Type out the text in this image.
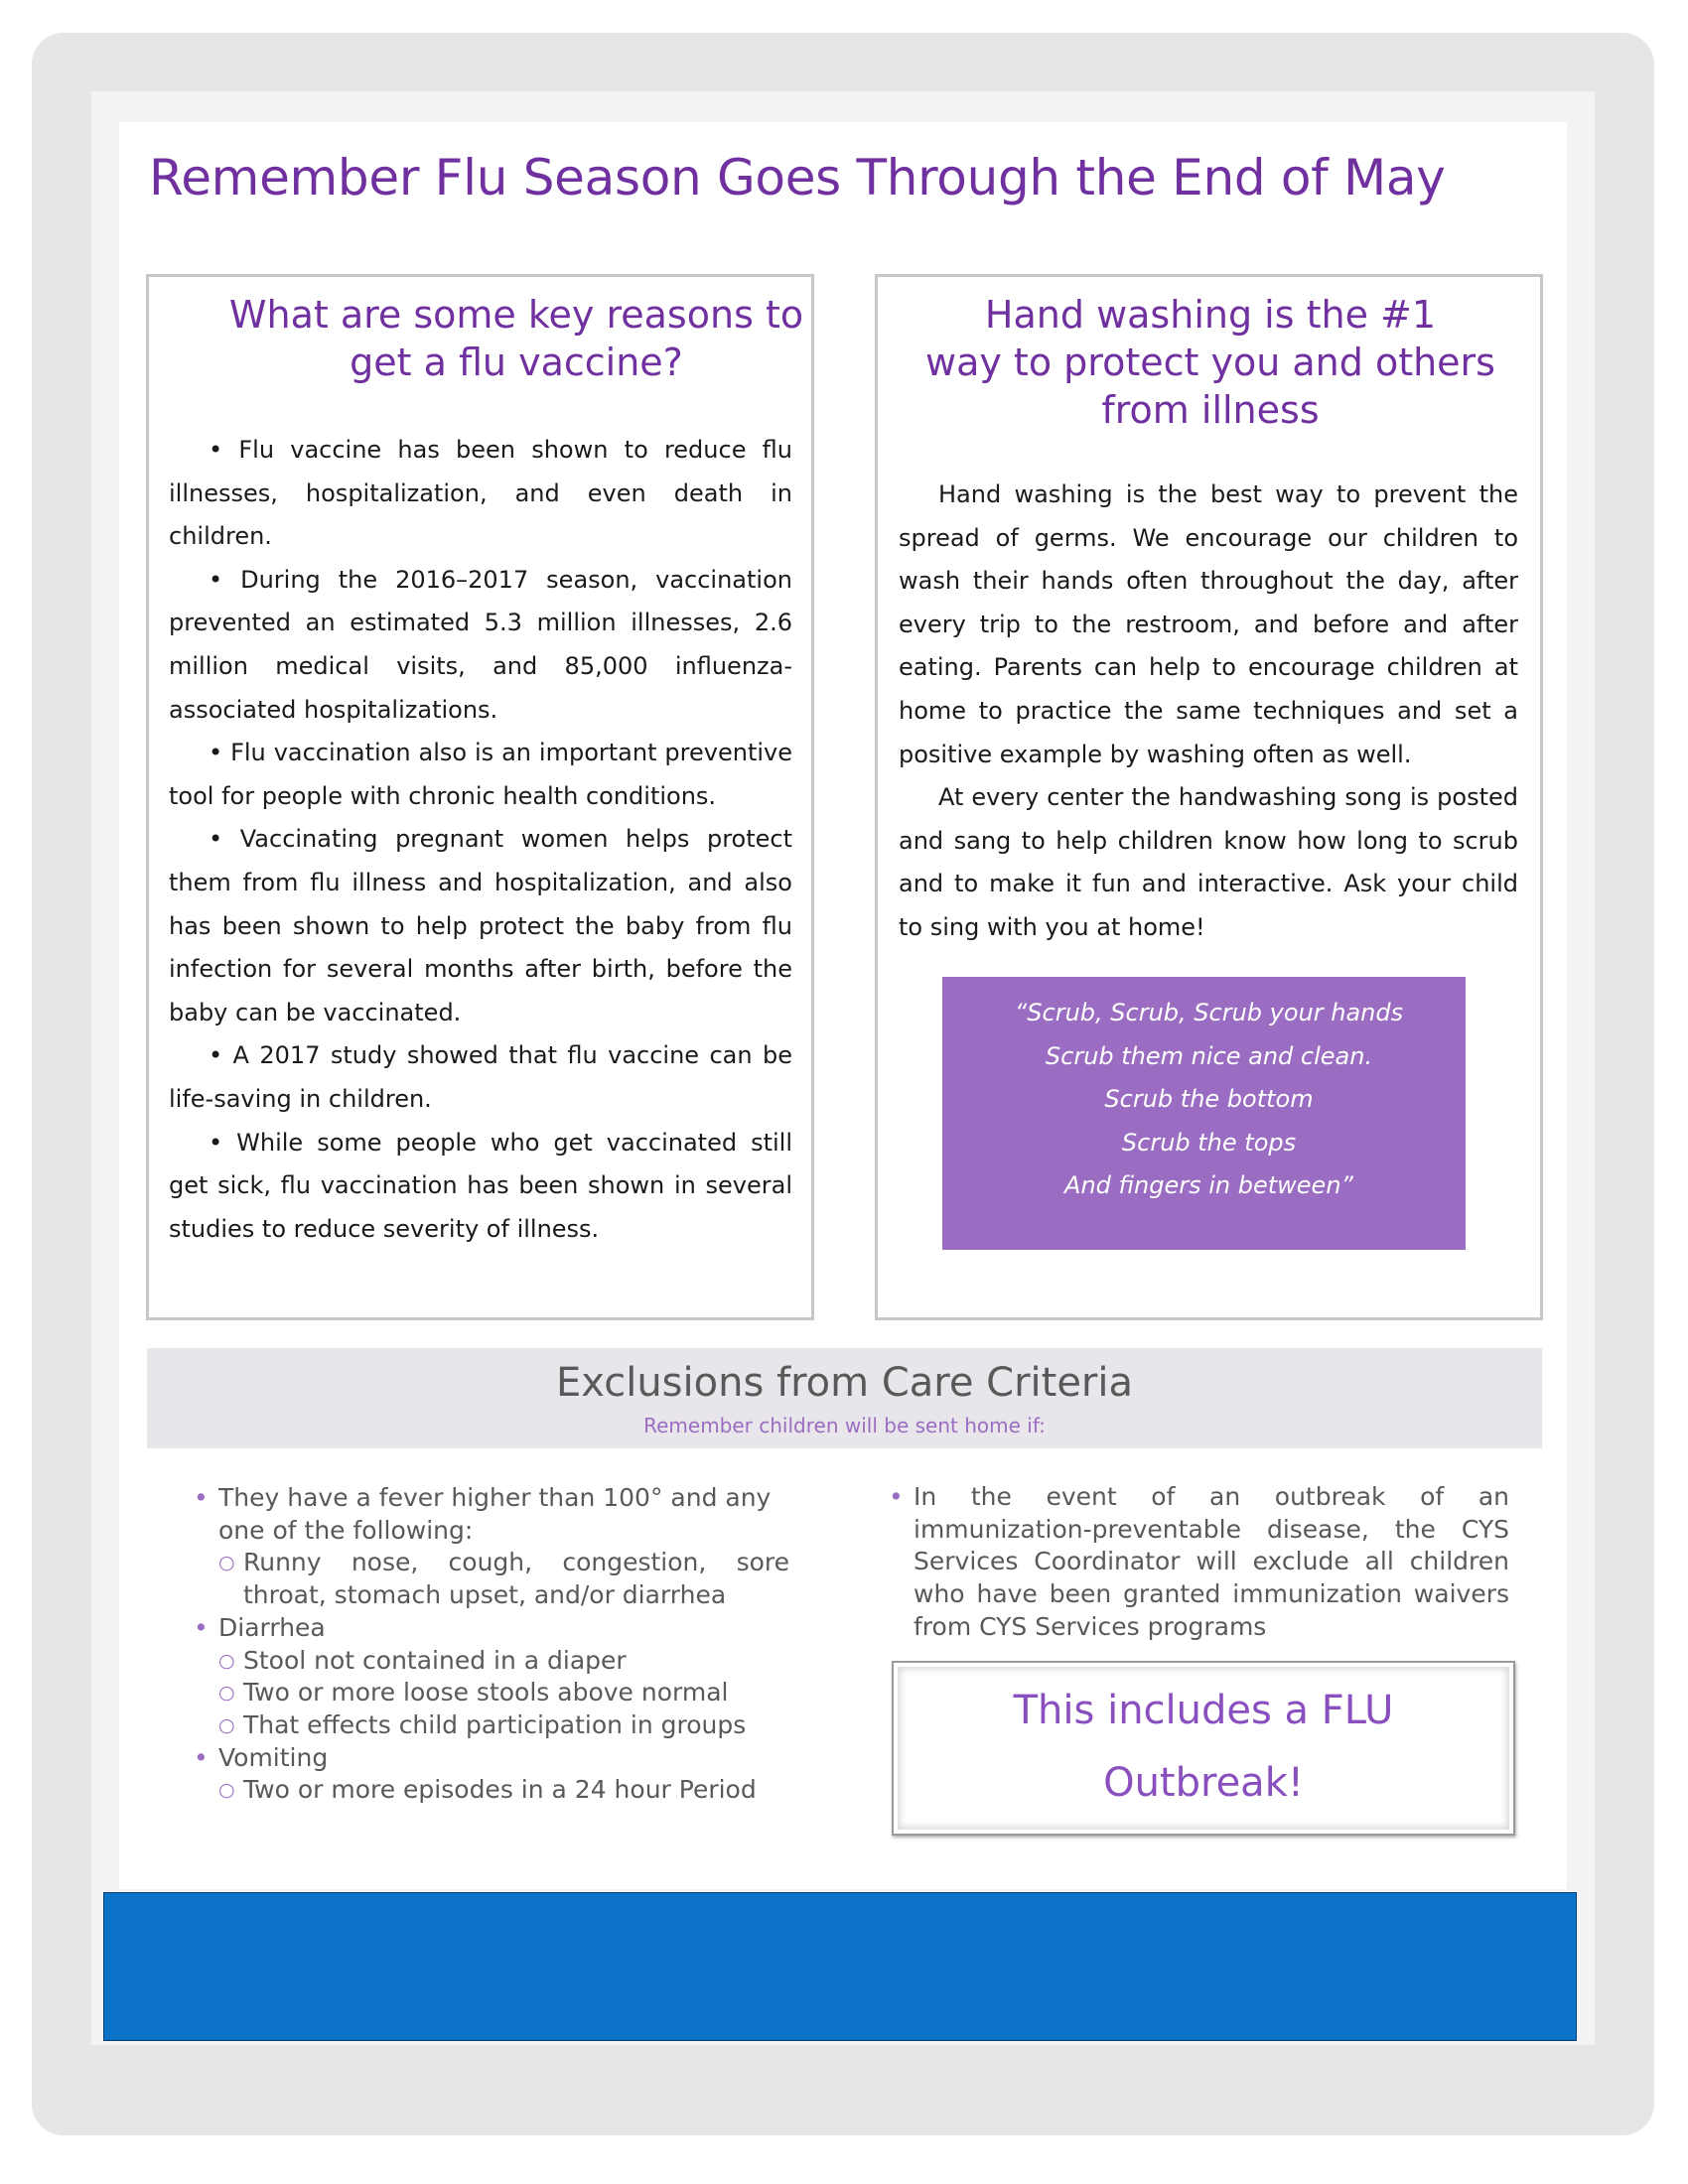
Remember Flu Season Goes Through the End of May
What are some key reasons to get a flu vaccine?
• Flu vaccine has been shown to reduce flu illnesses, hospitalization, and even death in children.
• During the 2016–2017 season, vaccination prevented an estimated 5.3 million illnesses, 2.6 million medical visits, and 85,000 influenza-associated hospitalizations.
• Flu vaccination also is an important preventive tool for people with chronic health conditions.
• Vaccinating pregnant women helps protect them from flu illness and hospitalization, and also has been shown to help protect the baby from flu infection for several months after birth, before the baby can be vaccinated.
• A 2017 study showed that flu vaccine can be life-saving in children.
• While some people who get vaccinated still get sick, flu vaccination has been shown in several studies to reduce severity of illness.
Hand washing is the #1
way to protect you and others
from illness

Hand washing is the best way to prevent the spread of germs. We encourage our children to wash their hands often throughout the day, after every trip to the restroom, and before and after eating. Parents can help to encourage children at home to practice the same techniques and set a positive example by washing often as well.

At every center the handwashing song is posted and sang to help children know how long to scrub and to make it fun and interactive. Ask your child to sing with you at home!

“Scrub, Scrub, Scrub your hands
Scrub them nice and clean.
Scrub the bottom
Scrub the tops
And fingers in between”
Exclusions from Care Criteria
Remember children will be sent home if:
• They have a fever higher than 100° and any one of the following:
○ Runny nose, cough, congestion, sore throat, stomach upset, and/or diarrhea
• Diarrhea
○ Stool not contained in a diaper
○ Two or more loose stools above normal
○ That effects child participation in groups
• Vomiting
○ Two or more episodes in a 24 hour Period
• In the event of an outbreak of an immunization-preventable disease, the CYS Services Coordinator will exclude all children who have been granted immunization waivers from CYS Services programs
This includes a FLU
Outbreak!
